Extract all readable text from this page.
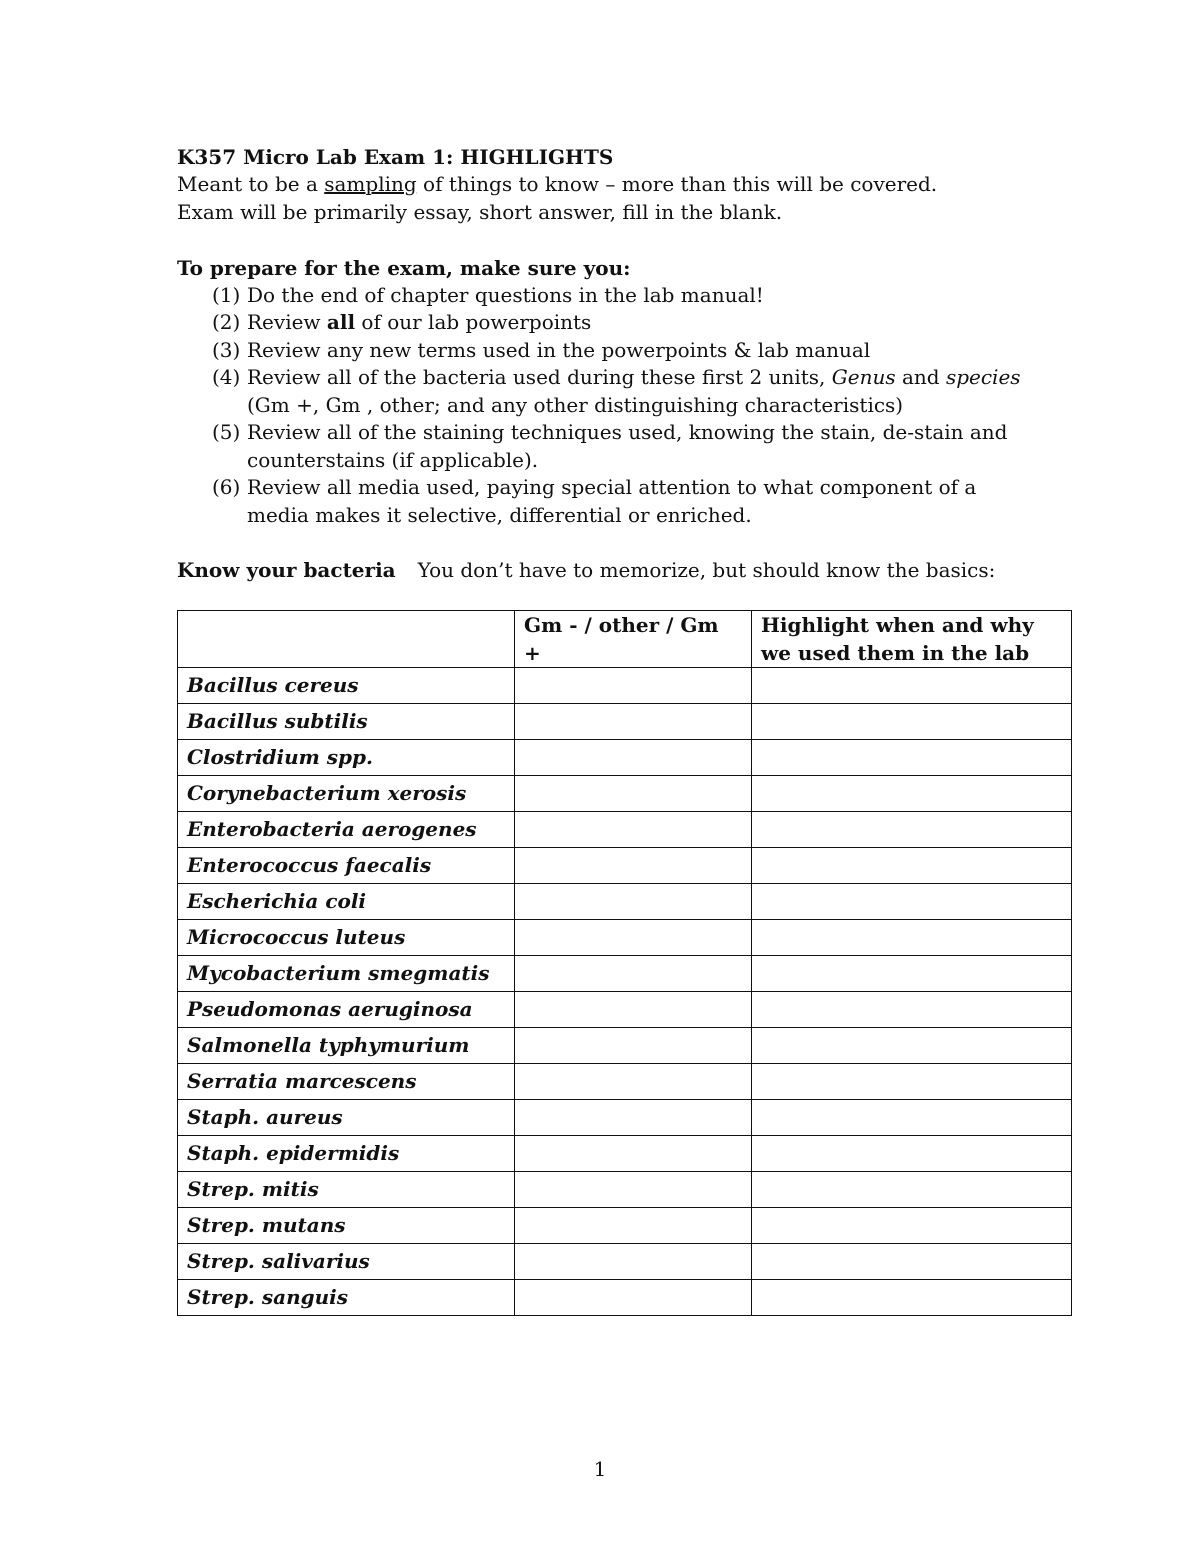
K357 Micro Lab Exam 1: HIGHLIGHTS
Meant to be a sampling of things to know – more than this will be covered.
Exam will be primarily essay, short answer, fill in the blank.
To prepare for the exam, make sure you:
(1) Do the end of chapter questions in the lab manual!
(2) Review all of our lab powerpoints
(3) Review any new terms used in the powerpoints & lab manual
(4) Review all of the bacteria used during these first 2 units, Genus and species
(Gm +, Gm , other; and any other distinguishing characteristics)
(5) Review all of the staining techniques used, knowing the stain, de-stain and
counterstains (if applicable).
(6) Review all media used, paying special attention to what component of a
media makes it selective, differential or enriched.
Know your bacteria You don’t have to memorize, but should know the basics:
	Gm - / other / Gm +	Highlight when and why we used them in the lab
Bacillus cereus		
Bacillus subtilis		
Clostridium spp.		
Corynebacterium xerosis		
Enterobacteria aerogenes		
Enterococcus faecalis		
Escherichia coli		
Micrococcus luteus		
Mycobacterium smegmatis		
Pseudomonas aeruginosa		
Salmonella typhymurium		
Serratia marcescens		
Staph. aureus		
Staph. epidermidis		
Strep. mitis		
Strep. mutans		
Strep. salivarius		
Strep. sanguis		
1
